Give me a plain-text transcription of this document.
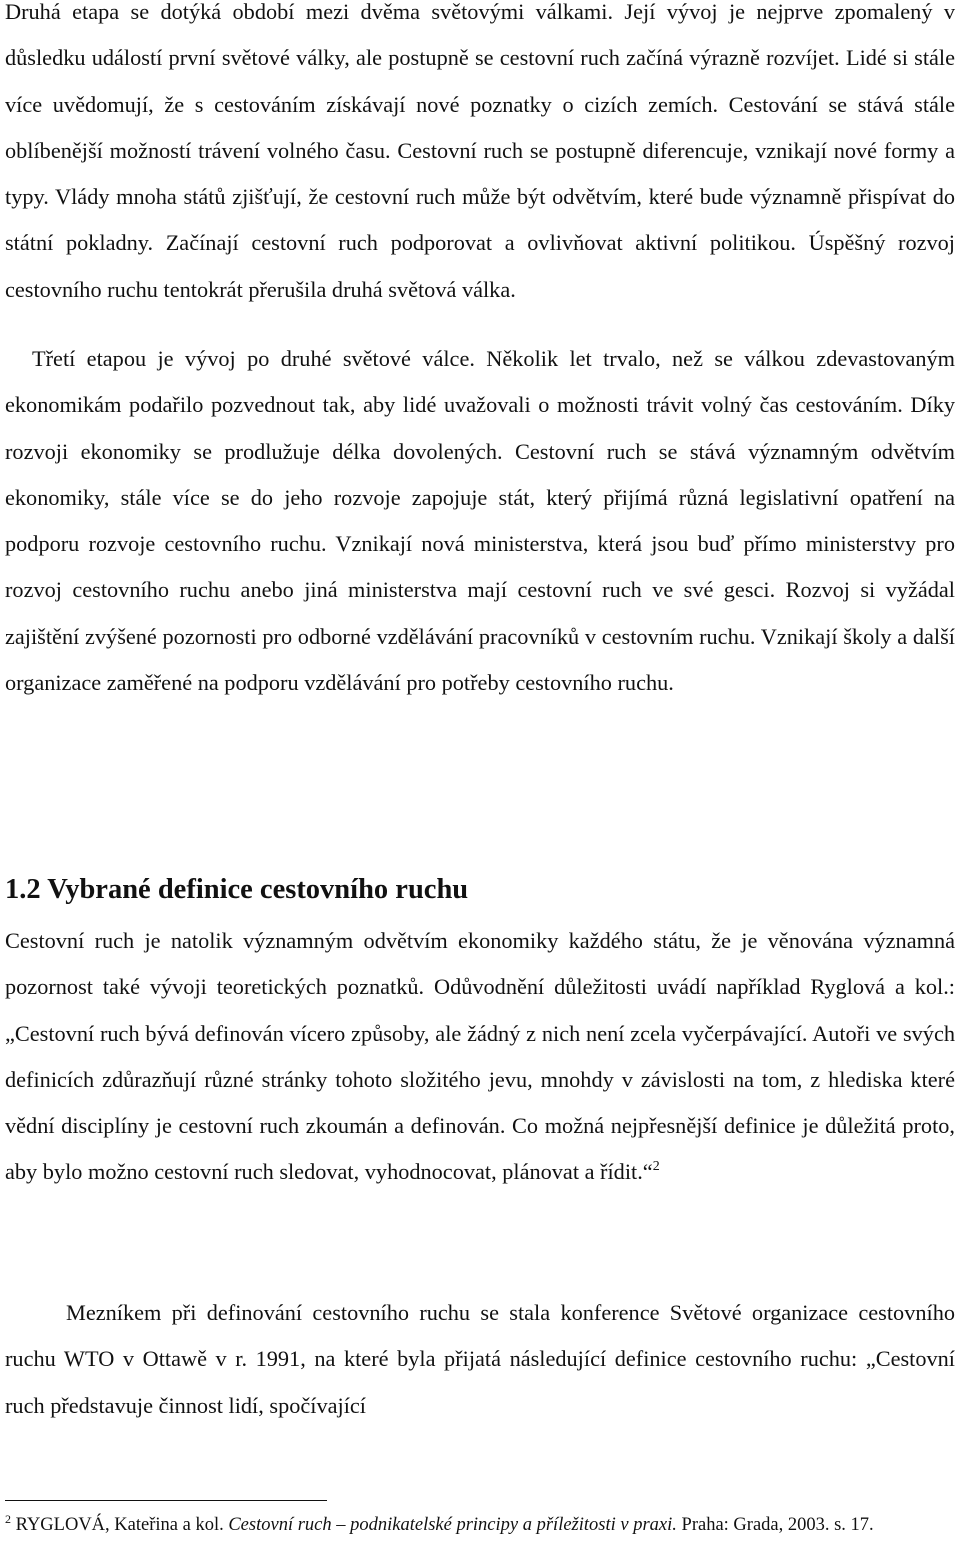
Druhá etapa se dotýká období mezi dvěma světovými válkami. Její vývoj je nejprve zpomalený v důsledku událostí první světové války, ale postupně se cestovní ruch začíná výrazně rozvíjet. Lidé si stále více uvědomují, že s cestováním získávají nové poznatky o cizích zemích. Cestování se stává stále oblíbenější možností trávení volného času. Cestovní ruch se postupně diferencuje, vznikají nové formy a typy. Vlády mnoha států zjišťují, že cestovní ruch může být odvětvím, které bude významně přispívat do státní pokladny. Začínají cestovní ruch podporovat a ovlivňovat aktivní politikou. Úspěšný rozvoj cestovního ruchu tentokrát přerušila druhá světová válka.

Třetí etapou je vývoj po druhé světové válce. Několik let trvalo, než se válkou zdevastovaným ekonomikám podařilo pozvednout tak, aby lidé uvažovali o možnosti trávit volný čas cestováním. Díky rozvoji ekonomiky se prodlužuje délka dovolených. Cestovní ruch se stává významným odvětvím ekonomiky, stále více se do jeho rozvoje zapojuje stát, který přijímá různá legislativní opatření na podporu rozvoje cestovního ruchu. Vznikají nová ministerstva, která jsou buď přímo ministerstvy pro rozvoj cestovního ruchu anebo jiná ministerstva mají cestovní ruch ve své gesci. Rozvoj si vyžádal zajištění zvýšené pozornosti pro odborné vzdělávání pracovníků v cestovním ruchu. Vznikají školy a další organizace zaměřené na podporu vzdělávání pro potřeby cestovního ruchu.

1.2 Vybrané definice cestovního ruchu

Cestovní ruch je natolik významným odvětvím ekonomiky každého státu, že je věnována významná pozornost také vývoji teoretických poznatků. Odůvodnění důležitosti uvádí například Ryglová a kol.: „Cestovní ruch bývá definován vícero způsoby, ale žádný z nich není zcela vyčerpávající. Autoři ve svých definicích zdůrazňují různé stránky tohoto složitého jevu, mnohdy v závislosti na tom, z hlediska které vědní disciplíny je cestovní ruch zkoumán a definován. Co možná nejpřesnější definice je důležitá proto, aby bylo možno cestovní ruch sledovat, vyhodnocovat, plánovat a řídit.“$^2$

Mezníkem při definování cestovního ruchu se stala konference Světové organizace cestovního ruchu WTO v Ottawě v r. 1991, na které byla přijatá následující definice cestovního ruchu: „Cestovní ruch představuje činnost lidí, spočívající

$^2$ RYGLOVÁ, Kateřina a kol. Cestovní ruch – podnikatelské principy a příležitosti v praxi. Praha: Grada, 2003. s. 17.
